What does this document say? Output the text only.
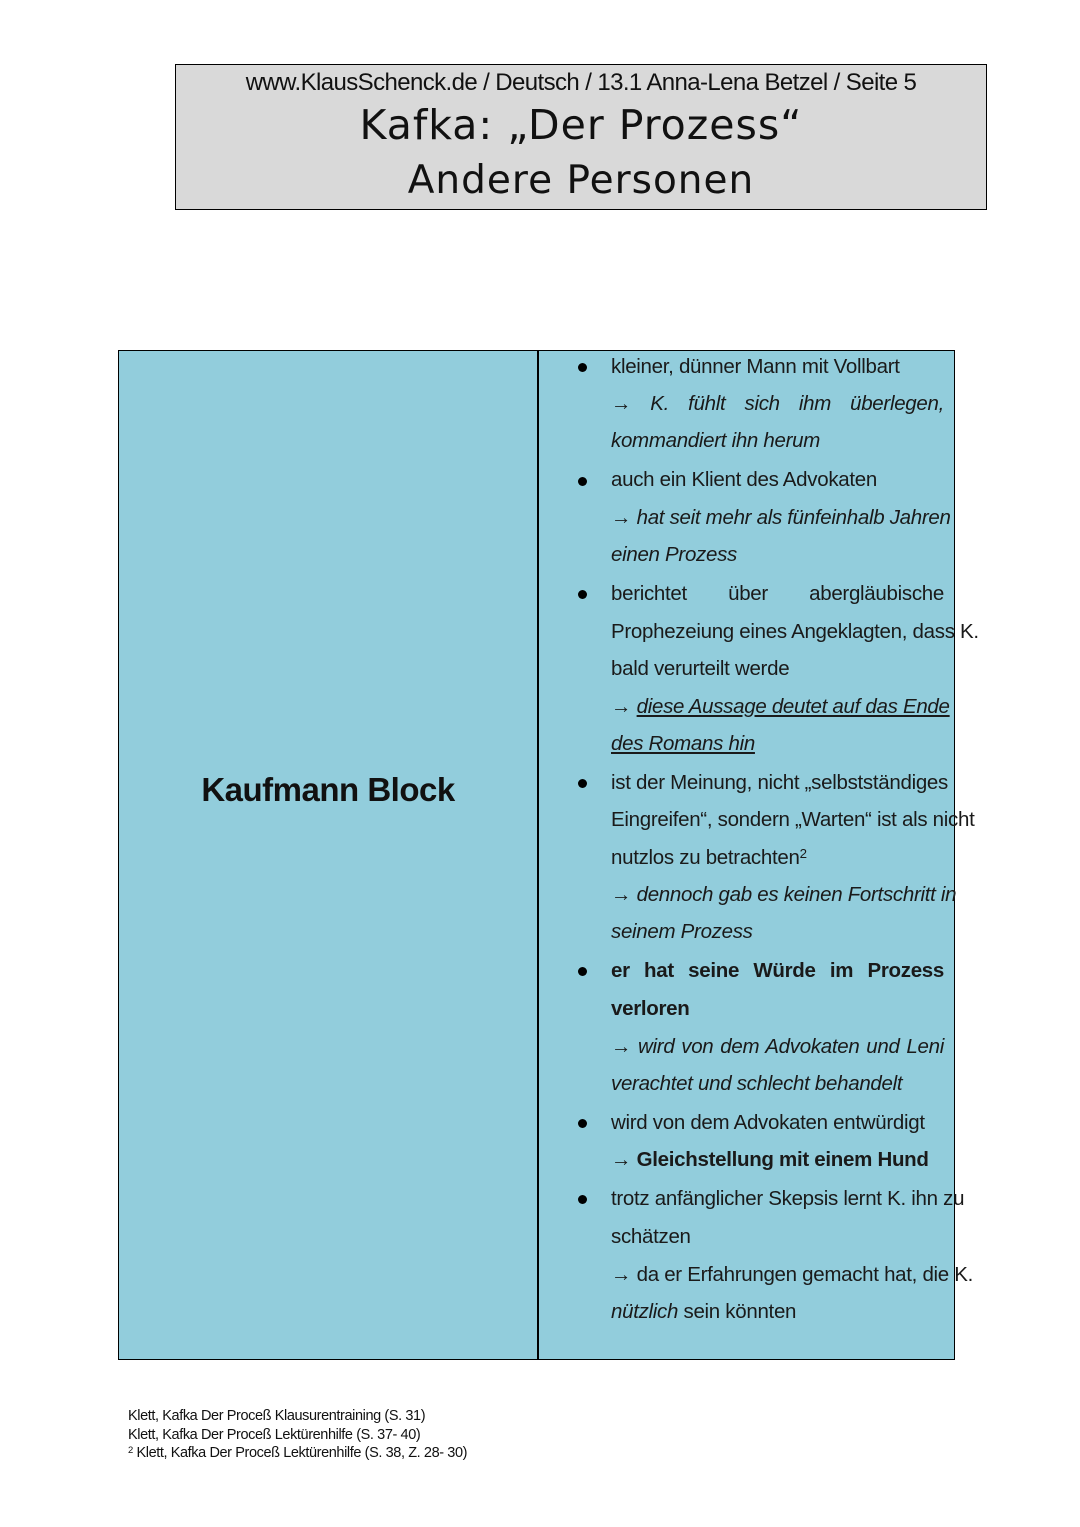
www.KlausSchenck.de / Deutsch / 13.1 Anna-Lena Betzel / Seite 5
Kafka: „Der Prozess“
Andere Personen
Kaufmann Block
kleiner, dünner Mann mit Vollbart
→ K. fühlt sich ihm überlegen,
kommandiert ihn herum
auch ein Klient des Advokaten
→ hat seit mehr als fünfeinhalb Jahren
einen Prozess
berichtet über abergläubische
Prophezeiung eines Angeklagten, dass K.
bald verurteilt werde
→ diese Aussage deutet auf das Ende
des Romans hin
ist der Meinung, nicht „selbstständiges
Eingreifen“, sondern „Warten“ ist als nicht
nutzlos zu betrachten$^2$
→ dennoch gab es keinen Fortschritt in
seinem Prozess
er hat seine Würde im Prozess
verloren
→ wird von dem Advokaten und Leni
verachtet und schlecht behandelt
wird von dem Advokaten entwürdigt
→ Gleichstellung mit einem Hund
trotz anfänglicher Skepsis lernt K. ihn zu
schätzen
→ da er Erfahrungen gemacht hat, die K.
nützlich sein könnten
Klett, Kafka Der Proceß Klausurentraining (S. 31)
Klett, Kafka Der Proceß Lektürenhilfe (S. 37- 40)
$^2$ Klett, Kafka Der Proceß Lektürenhilfe (S. 38, Z. 28- 30)
